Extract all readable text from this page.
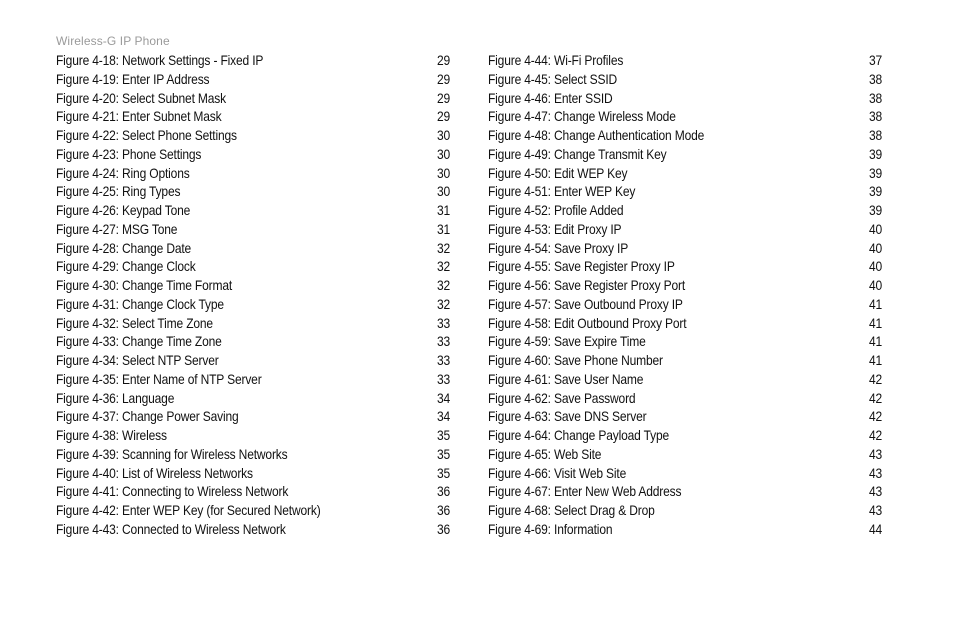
Wireless-G IP Phone
Figure 4-18: Network Settings - Fixed IP	29
Figure 4-19: Enter IP Address	29
Figure 4-20: Select Subnet Mask	29
Figure 4-21: Enter Subnet Mask	29
Figure 4-22: Select Phone Settings	30
Figure 4-23: Phone Settings	30
Figure 4-24: Ring Options	30
Figure 4-25: Ring Types	30
Figure 4-26: Keypad Tone	31
Figure 4-27: MSG Tone	31
Figure 4-28: Change Date	32
Figure 4-29: Change Clock	32
Figure 4-30: Change Time Format	32
Figure 4-31: Change Clock Type	32
Figure 4-32: Select Time Zone	33
Figure 4-33: Change Time Zone	33
Figure 4-34: Select NTP Server	33
Figure 4-35: Enter Name of NTP Server	33
Figure 4-36: Language	34
Figure 4-37: Change Power Saving	34
Figure 4-38: Wireless	35
Figure 4-39: Scanning for Wireless Networks	35
Figure 4-40: List of Wireless Networks	35
Figure 4-41: Connecting to Wireless Network	36
Figure 4-42: Enter WEP Key (for Secured Network)	36
Figure 4-43: Connected to Wireless Network	36
Figure 4-44: Wi-Fi Profiles	37
Figure 4-45: Select SSID	38
Figure 4-46: Enter SSID	38
Figure 4-47: Change Wireless Mode	38
Figure 4-48: Change Authentication Mode	38
Figure 4-49: Change Transmit Key	39
Figure 4-50: Edit WEP Key	39
Figure 4-51: Enter WEP Key	39
Figure 4-52: Profile Added	39
Figure 4-53: Edit Proxy IP	40
Figure 4-54: Save Proxy IP	40
Figure 4-55: Save Register Proxy IP	40
Figure 4-56: Save Register Proxy Port	40
Figure 4-57: Save Outbound Proxy IP	41
Figure 4-58: Edit Outbound Proxy Port	41
Figure 4-59: Save Expire Time	41
Figure 4-60: Save Phone Number	41
Figure 4-61: Save User Name	42
Figure 4-62: Save Password	42
Figure 4-63: Save DNS Server	42
Figure 4-64: Change Payload Type	42
Figure 4-65: Web Site	43
Figure 4-66: Visit Web Site	43
Figure 4-67: Enter New Web Address	43
Figure 4-68: Select Drag & Drop	43
Figure 4-69: Information	44
